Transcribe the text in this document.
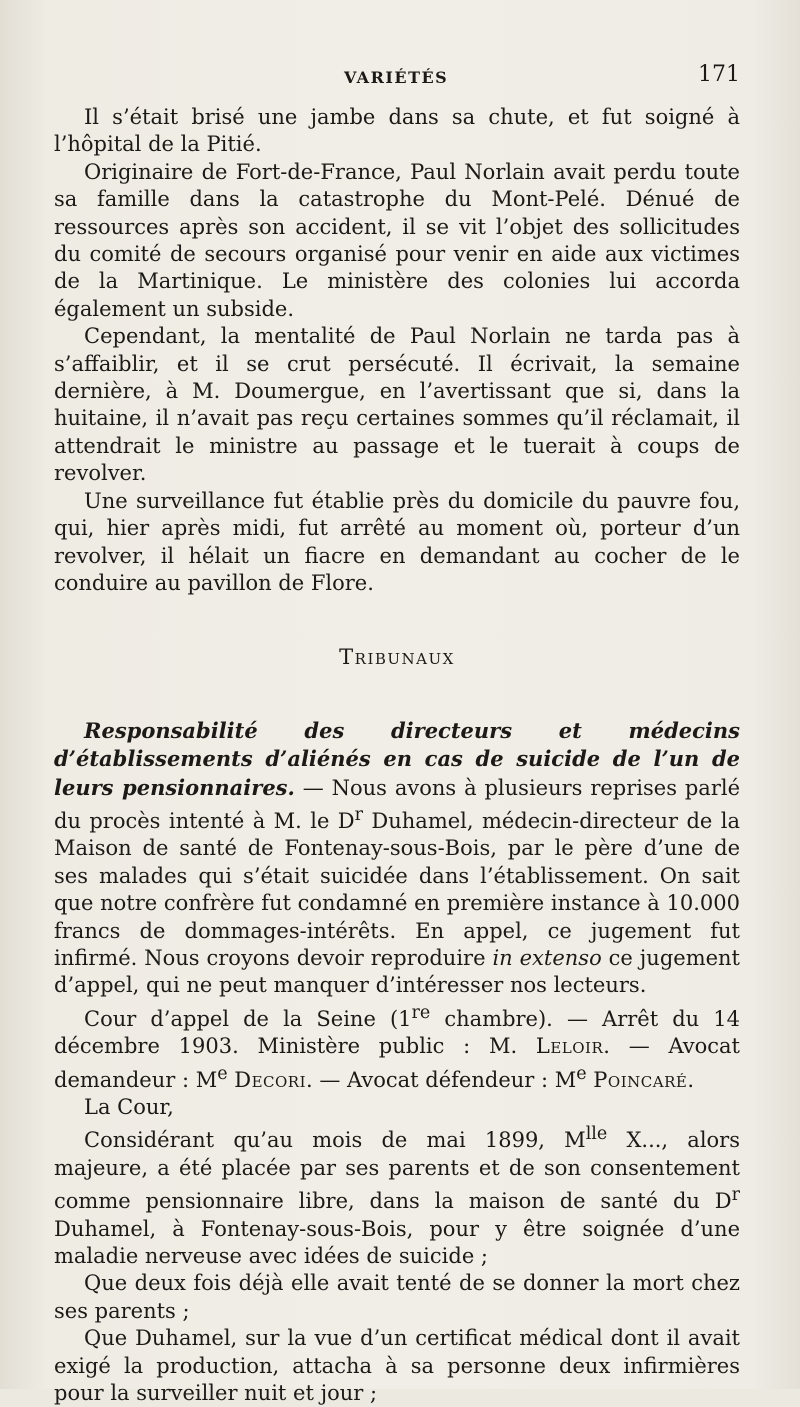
VARIÉTÉS	171

Il s’était brisé une jambe dans sa chute, et fut soigné à l’hôpital de la Pitié.

Originaire de Fort-de-France, Paul Norlain avait perdu toute sa famille dans la catastrophe du Mont-Pelé. Dénué de ressources après son accident, il se vit l’objet des sollicitudes du comité de secours organisé pour venir en aide aux victimes de la Martinique. Le ministère des colonies lui accorda également un subside.

Cependant, la mentalité de Paul Norlain ne tarda pas à s’affaiblir, et il se crut persécuté. Il écrivait, la semaine dernière, à M. Doumergue, en l’avertissant que si, dans la huitaine, il n’avait pas reçu certaines sommes qu’il réclamait, il attendrait le ministre au passage et le tuerait à coups de revolver.

Une surveillance fut établie près du domicile du pauvre fou, qui, hier après midi, fut arrêté au moment où, porteur d’un revolver, il hélait un fiacre en demandant au cocher de le conduire au pavillon de Flore.

Tribunaux

Responsabilité des directeurs et médecins d’établissements d’aliénés en cas de suicide de l’un de leurs pensionnaires. — Nous avons à plusieurs reprises parlé du procès intenté à M. le $D^r$ Duhamel, médecin-directeur de la Maison de santé de Fontenay-sous-Bois, par le père d’une de ses malades qui s’était suicidée dans l’établissement. On sait que notre confrère fut condamné en première instance à 10.000 francs de dommages-intérêts. En appel, ce jugement fut infirmé. Nous croyons devoir reproduire in extenso ce jugement d’appel, qui ne peut manquer d’intéresser nos lecteurs.

Cour d’appel de la Seine (1re chambre). — Arrêt du 14 décembre 1903. Ministère public : M. Leloir. — Avocat demandeur : Me Decori. — Avocat défendeur : Me Poincaré.

La Cour,

Considérant qu’au mois de mai 1899, $M^{lle}$ X..., alors majeure, a été placée par ses parents et de son consentement comme pensionnaire libre, dans la maison de santé du $D^r$ Duhamel, à Fontenay-sous-Bois, pour y être soignée d’une maladie nerveuse avec idées de suicide ;

Que deux fois déjà elle avait tenté de se donner la mort chez ses parents ;

Que Duhamel, sur la vue d’un certificat médical dont il avait exigé la production, attacha à sa personne deux infirmières pour la surveiller nuit et jour ;
